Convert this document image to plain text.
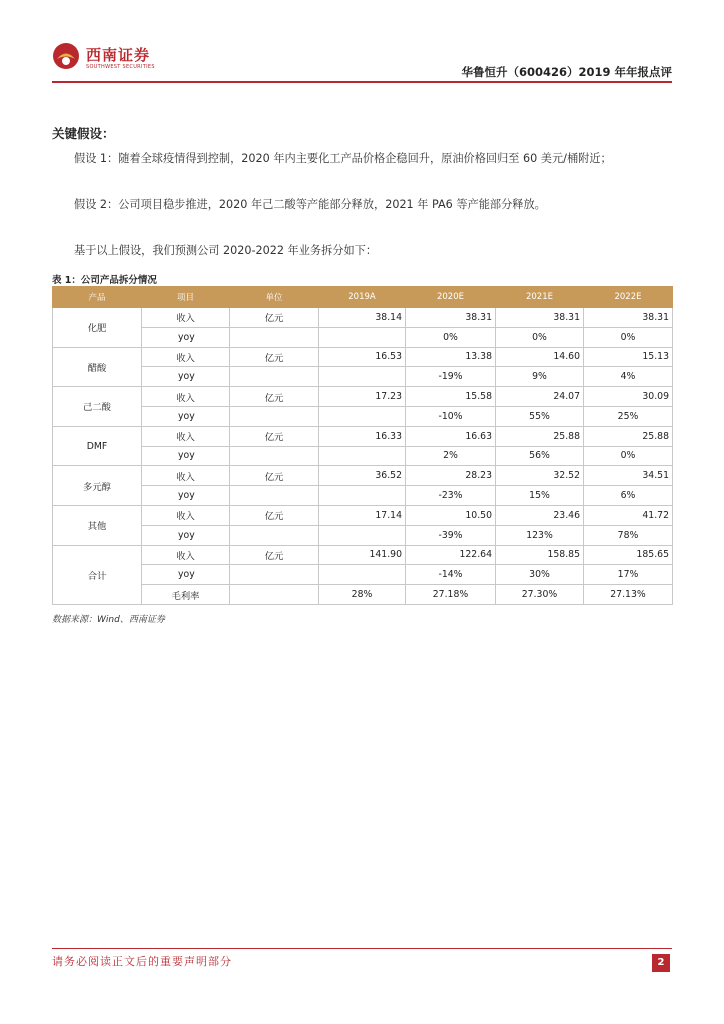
西南证券
SOUTHWEST SECURITIES	华鲁恒升（600426）2019 年年报点评
关键假设：
假设 1：随着全球疫情得到控制，2020 年内主要化工产品价格企稳回升，原油价格回归至 60 美元/桶附近；
假设 2：公司项目稳步推进，2020 年己二酸等产能部分释放，2021 年 PA6 等产能部分释放。
基于以上假设，我们预测公司 2020-2022 年业务拆分如下：
表 1：公司产品拆分情况
产品	项目	单位	2019A	2020E	2021E	2022E
化肥	收入	亿元	38.14	38.31	38.31	38.31
	yoy			0%	0%	0%
醋酸	收入	亿元	16.53	13.38	14.60	15.13
	yoy			-19%	9%	4%
己二酸	收入	亿元	17.23	15.58	24.07	30.09
	yoy			-10%	55%	25%
DMF	收入	亿元	16.33	16.63	25.88	25.88
	yoy			2%	56%	0%
多元醇	收入	亿元	36.52	28.23	32.52	34.51
	yoy			-23%	15%	6%
其他	收入	亿元	17.14	10.50	23.46	41.72
	yoy			-39%	123%	78%
合计	收入	亿元	141.90	122.64	158.85	185.65
	yoy			-14%	30%	17%
	毛利率		28%	27.18%	27.30%	27.13%
数据来源：Wind、西南证券
请务必阅读正文后的重要声明部分	2
